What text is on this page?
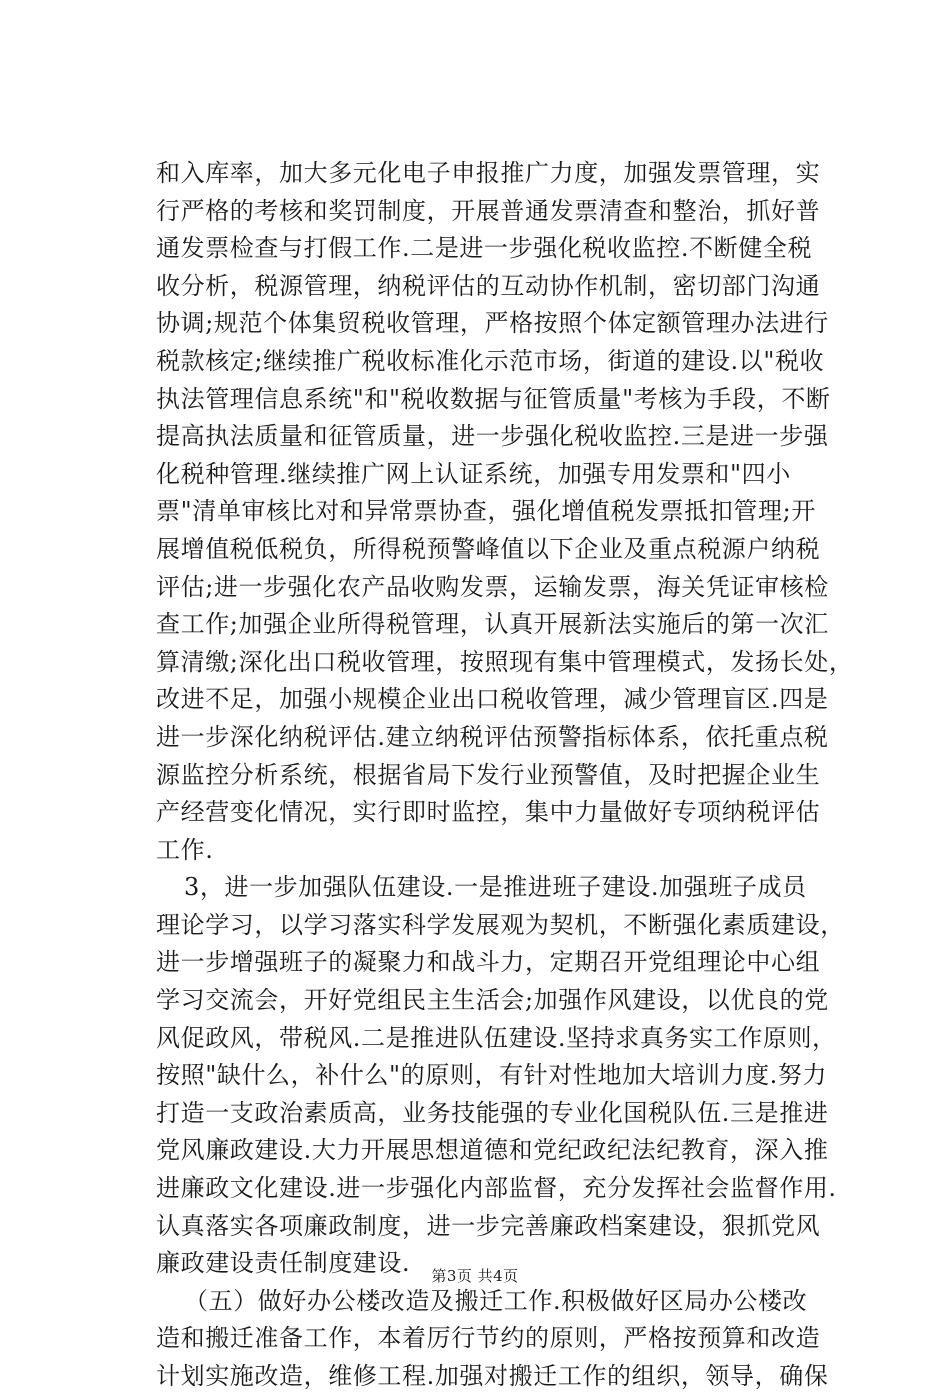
和入库率，加大多元化电子申报推广力度，加强发票管理，实
行严格的考核和奖罚制度，开展普通发票清查和整治，抓好普
通发票检查与打假工作.二是进一步强化税收监控.不断健全税
收分析，税源管理，纳税评估的互动协作机制，密切部门沟通
协调;规范个体集贸税收管理，严格按照个体定额管理办法进行
税款核定;继续推广税收标准化示范市场，街道的建设.以"税收
执法管理信息系统"和"税收数据与征管质量"考核为手段，不断
提高执法质量和征管质量，进一步强化税收监控.三是进一步强
化税种管理.继续推广网上认证系统，加强专用发票和"四小
票"清单审核比对和异常票协查，强化增值税发票抵扣管理;开
展增值税低税负，所得税预警峰值以下企业及重点税源户纳税
评估;进一步强化农产品收购发票，运输发票，海关凭证审核检
查工作;加强企业所得税管理，认真开展新法实施后的第一次汇
算清缴;深化出口税收管理，按照现有集中管理模式，发扬长处，
改进不足，加强小规模企业出口税收管理，减少管理盲区.四是
进一步深化纳税评估.建立纳税评估预警指标体系，依托重点税
源监控分析系统，根据省局下发行业预警值，及时把握企业生
产经营变化情况，实行即时监控，集中力量做好专项纳税评估
工作.
3，进一步加强队伍建设.一是推进班子建设.加强班子成员
理论学习，以学习落实科学发展观为契机，不断强化素质建设，
进一步增强班子的凝聚力和战斗力，定期召开党组理论中心组
学习交流会，开好党组民主生活会;加强作风建设，以优良的党
风促政风，带税风.二是推进队伍建设.坚持求真务实工作原则，
按照"缺什么，补什么"的原则，有针对性地加大培训力度.努力
打造一支政治素质高，业务技能强的专业化国税队伍.三是推进
党风廉政建设.大力开展思想道德和党纪政纪法纪教育，深入推
进廉政文化建设.进一步强化内部监督，充分发挥社会监督作用.
认真落实各项廉政制度，进一步完善廉政档案建设，狠抓党风
廉政建设责任制度建设.
（五）做好办公楼改造及搬迁工作.积极做好区局办公楼改
造和搬迁准备工作，本着厉行节约的原则，严格按预算和改造
计划实施改造，维修工程.加强对搬迁工作的组织，领导，确保
第3页 共4页
